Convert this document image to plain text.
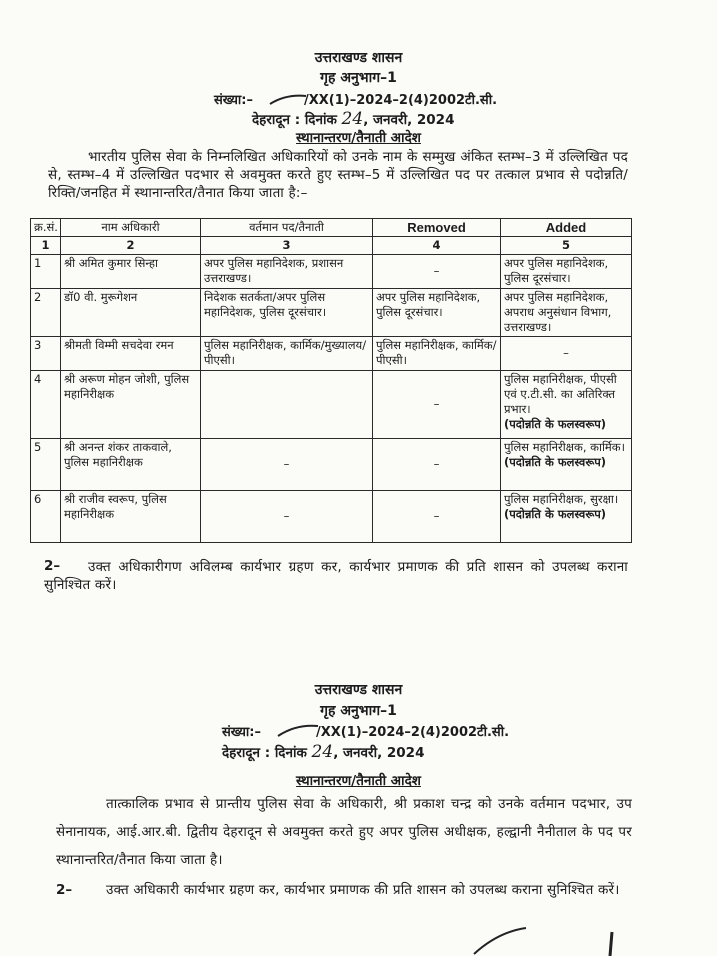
उत्तराखण्ड शासन
गृह अनुभाग–1
संख्या:–	/XX(1)–2024–2(4)2002टी.सी.
देहरादून : दिनांक 24, जनवरी, 2024
स्थानान्तरण/तैनाती आदेश
भारतीय पुलिस सेवा के निम्नलिखित अधिकारियों को उनके नाम के सम्मुख अंकित स्तम्भ–3 में उल्लिखित पद से, स्तम्भ–4 में उल्लिखित पदभार से अवमुक्त करते हुए स्तम्भ–5 में उल्लिखित पद पर तत्काल प्रभाव से पदोन्नति/रिक्ति/जनहित में स्थानान्तरित/तैनात किया जाता है:–
क्र.सं.	नाम अधिकारी	वर्तमान पद/तैनाती	Removed	Added
1	2	3	4	5
1	श्री अमित कुमार सिन्हा	अपर पुलिस महानिदेशक, प्रशासन उत्तराखण्ड।	–	अपर पुलिस महानिदेशक, पुलिस दूरसंचार।
2	डॉ0 वी. मुरूगेशन	निदेशक सतर्कता/अपर पुलिस महानिदेशक, पुलिस दूरसंचार।	अपर पुलिस महानिदेशक, पुलिस दूरसंचार।	अपर पुलिस महानिदेशक, अपराध अनुसंधान विभाग, उत्तराखण्ड।
3	श्रीमती विम्मी सचदेवा रमन	पुलिस महानिरीक्षक, कार्मिक/मुख्यालय/पीएसी।	पुलिस महानिरीक्षक, कार्मिक/पीएसी।	–
4	श्री अरूण मोहन जोशी, पुलिस महानिरीक्षक		–	पुलिस महानिरीक्षक, पीएसी एवं ए.टी.सी. का अतिरिक्त प्रभार।
(पदोन्नति के फलस्वरूप)

5	श्री अनन्त शंकर ताकवाले, पुलिस महानिरीक्षक	–	–	पुलिस महानिरीक्षक, कार्मिक।
(पदोन्नति के फलस्वरूप)

6	श्री राजीव स्वरूप, पुलिस महानिरीक्षक	–	–	पुलिस महानिरीक्षक, सुरक्षा।
(पदोन्नति के फलस्वरूप)
2–	उक्त अधिकारीगण अविलम्ब कार्यभार ग्रहण कर, कार्यभार प्रमाणक की प्रति शासन को उपलब्ध कराना सुनिश्चित करें।
उत्तराखण्ड शासन
गृह अनुभाग–1
संख्या:–	/XX(1)–2024–2(4)2002टी.सी.
देहरादून : दिनांक 24, जनवरी, 2024
स्थानान्तरण/तैनाती आदेश
तात्कालिक प्रभाव से प्रान्तीय पुलिस सेवा के अधिकारी, श्री प्रकाश चन्द्र को उनके वर्तमान पदभार, उप सेनानायक, आई.आर.बी. द्वितीय देहरादून से अवमुक्त करते हुए अपर पुलिस अधीक्षक, हल्द्वानी नैनीताल के पद पर स्थानान्तरित/तैनात किया जाता है।
2–	उक्त अधिकारी कार्यभार ग्रहण कर, कार्यभार प्रमाणक की प्रति शासन को उपलब्ध कराना सुनिश्चित करें।
